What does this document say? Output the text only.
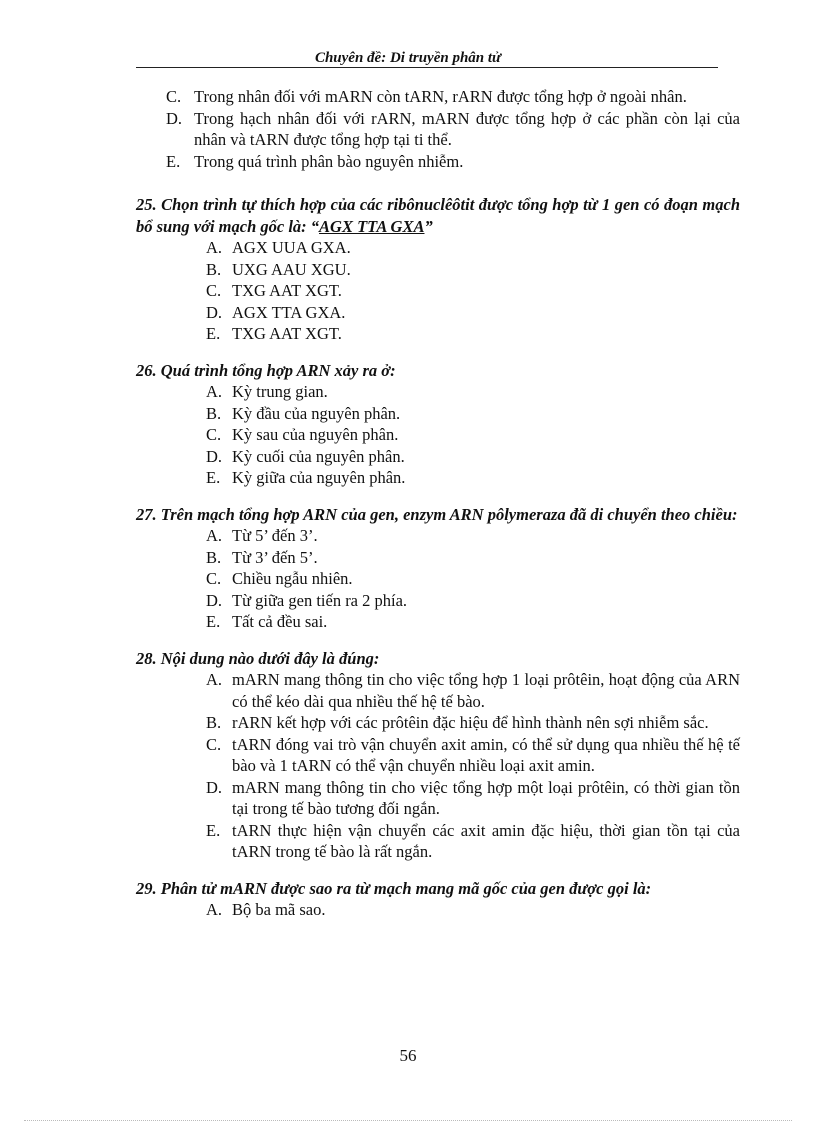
Chuyên đề: Di truyền phân tử
C. Trong nhân đối với mARN còn tARN, rARN được tổng hợp ở ngoài nhân.
D. Trong hạch nhân đối với rARN, mARN được tổng hợp ở các phần còn lại của nhân và tARN được tổng hợp tại ti thể.
E. Trong quá trình phân bào nguyên nhiễm.
25. Chọn trình tự thích hợp của các ribônuclêôtit được tổng hợp từ 1 gen có đoạn mạch bổ sung với mạch gốc là: “AGX TTA GXA”
A. AGX UUA GXA.
B. UXG AAU XGU.
C. TXG AAT XGT.
D. AGX TTA GXA.
E. TXG AAT XGT.
26. Quá trình tổng hợp ARN xảy ra ở:
A. Kỳ trung gian.
B. Kỳ đầu của nguyên phân.
C. Kỳ sau của nguyên phân.
D. Kỳ cuối của nguyên phân.
E. Kỳ giữa của nguyên phân.
27. Trên mạch tổng hợp ARN của gen, enzym ARN pôlymeraza đã di chuyển theo chiều:
A. Từ 5’ đến 3’.
B. Từ 3’ đến 5’.
C. Chiều ngẫu nhiên.
D. Từ giữa gen tiến ra 2 phía.
E. Tất cả đều sai.
28. Nội dung nào dưới đây là đúng:
A. mARN mang thông tin cho việc tổng hợp 1 loại prôtêin, hoạt động của ARN có thể kéo dài qua nhiều thế hệ tế bào.
B. rARN kết hợp với các prôtêin đặc hiệu để hình thành nên sợi nhiễm sắc.
C. tARN đóng vai trò vận chuyển axit amin, có thể sử dụng qua nhiều thế hệ tế bào và 1 tARN có thể vận chuyển nhiều loại axit amin.
D. mARN mang thông tin cho việc tổng hợp một loại prôtêin, có thời gian tồn tại trong tế bào tương đối ngắn.
E. tARN thực hiện vận chuyển các axit amin đặc hiệu, thời gian tồn tại của tARN trong tế bào là rất ngắn.
29. Phân tử mARN được sao ra từ mạch mang mã gốc của gen được gọi là:
A. Bộ ba mã sao.
56
